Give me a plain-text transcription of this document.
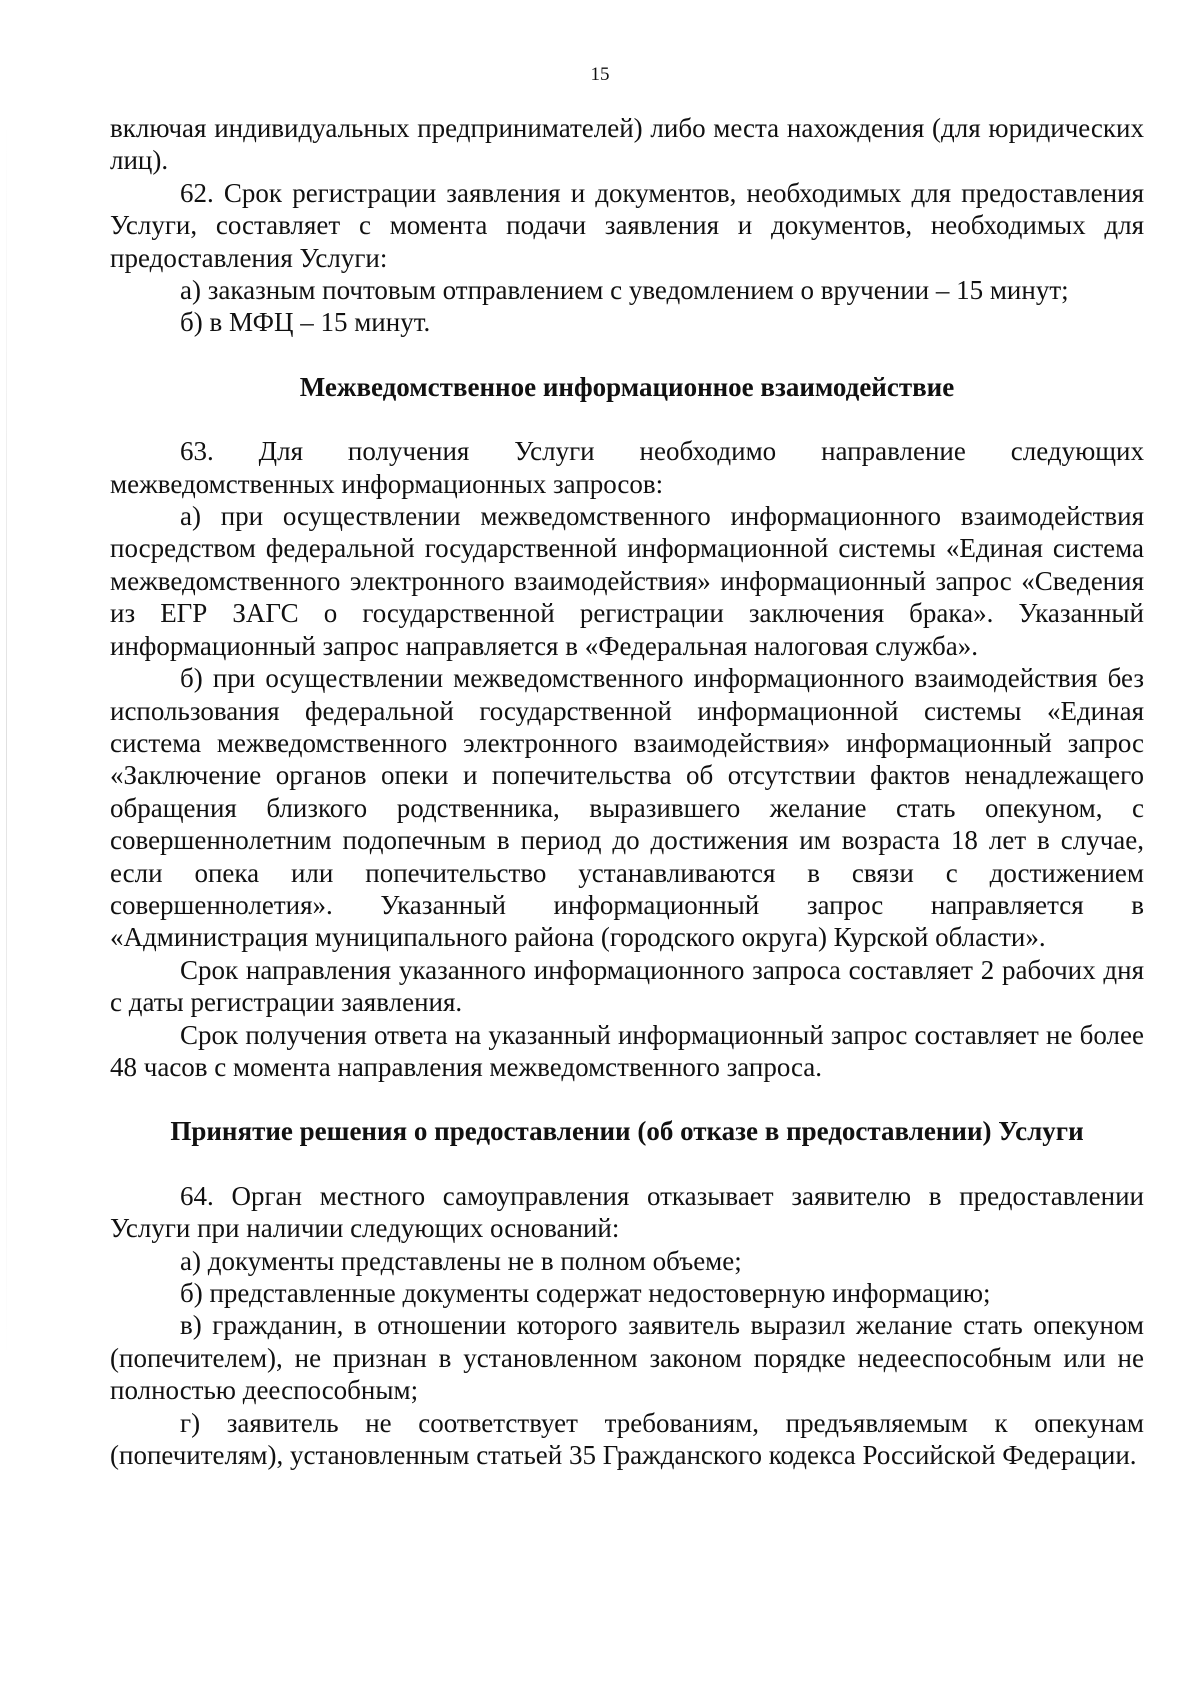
15

включая индивидуальных предпринимателей) либо места нахождения (для юридических лиц).

62. Срок регистрации заявления и документов, необходимых для предоставления Услуги, составляет с момента подачи заявления и документов, необходимых для предоставления Услуги:

а) заказным почтовым отправлением с уведомлением о вручении – 15 минут;

б) в МФЦ – 15 минут.

Межведомственное информационное взаимодействие

63. Для получения Услуги необходимо направление следующих межведомственных информационных запросов:

а) при осуществлении межведомственного информационного взаимодействия посредством федеральной государственной информационной системы «Единая система межведомственного электронного взаимодействия» информационный запрос «Сведения из ЕГР ЗАГС о государственной регистрации заключения брака». Указанный информационный запрос направляется в «Федеральная налоговая служба».

б) при осуществлении межведомственного информационного взаимодействия без использования федеральной государственной информационной системы «Единая система межведомственного электронного взаимодействия» информационный запрос «Заключение органов опеки и попечительства об отсутствии фактов ненадлежащего обращения близкого родственника, выразившего желание стать опекуном, с совершеннолетним подопечным в период до достижения им возраста 18 лет в случае, если опека или попечительство устанавливаются в связи с достижением совершеннолетия». Указанный информационный запрос направляется в «Администрация муниципального района (городского округа) Курской области».

Срок направления указанного информационного запроса составляет 2 рабочих дня с даты регистрации заявления.

Срок получения ответа на указанный информационный запрос составляет не более 48 часов с момента направления межведомственного запроса.

Принятие решения о предоставлении (об отказе в предоставлении) Услуги

64. Орган местного самоуправления отказывает заявителю в предоставлении Услуги при наличии следующих оснований:

а) документы представлены не в полном объеме;

б) представленные документы содержат недостоверную информацию;

в) гражданин, в отношении которого заявитель выразил желание стать опекуном (попечителем), не признан в установленном законом порядке недееспособным или не полностью дееспособным;

г) заявитель не соответствует требованиям, предъявляемым к опекунам (попечителям), установленным статьей 35 Гражданского кодекса Российской Федерации.
